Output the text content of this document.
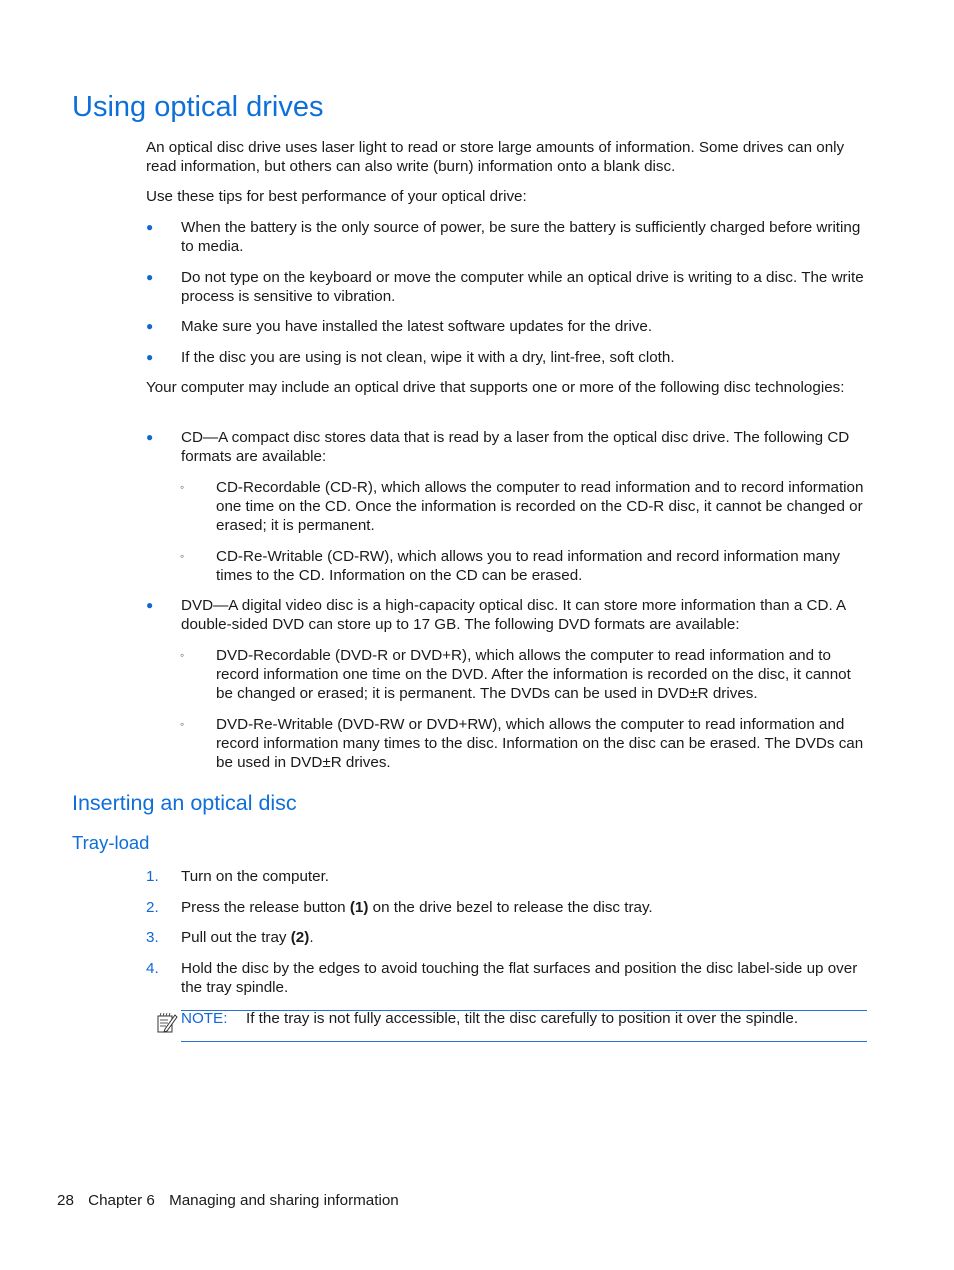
Using optical drives

An optical disc drive uses laser light to read or store large amounts of information. Some drives can only read information, but others can also write (burn) information onto a blank disc.

Use these tips for best performance of your optical drive:

●	When the battery is the only source of power, be sure the battery is sufficiently charged before writing to media.

●	Do not type on the keyboard or move the computer while an optical drive is writing to a disc. The write process is sensitive to vibration.

●	Make sure you have installed the latest software updates for the drive.

●	If the disc you are using is not clean, wipe it with a dry, lint-free, soft cloth.

Your computer may include an optical drive that supports one or more of the following disc technologies:

●	CD—A compact disc stores data that is read by a laser from the optical disc drive. The following CD formats are available:

◦	CD-Recordable (CD-R), which allows the computer to read information and to record information one time on the CD. Once the information is recorded on the CD-R disc, it cannot be changed or erased; it is permanent.

◦	CD-Re-Writable (CD-RW), which allows you to read information and record information many times to the CD. Information on the CD can be erased.

●	DVD—A digital video disc is a high-capacity optical disc. It can store more information than a CD. A double-sided DVD can store up to 17 GB. The following DVD formats are available:

◦	DVD-Recordable (DVD-R or DVD+R), which allows the computer to read information and to record information one time on the DVD. After the information is recorded on the disc, it cannot be changed or erased; it is permanent. The DVDs can be used in DVD±R drives.

◦	DVD-Re-Writable (DVD-RW or DVD+RW), which allows the computer to read information and record information many times to the disc. Information on the disc can be erased. The DVDs can be used in DVD±R drives.

Inserting an optical disc
Tray-load
1. Turn on the computer.

2. Press the release button (1) on the drive bezel to release the disc tray.

3. Pull out the tray (2).

4. Hold the disc by the edges to avoid touching the flat surfaces and position the disc label-side up over the tray spindle.

NOTE: If the tray is not fully accessible, tilt the disc carefully to position it over the spindle.
28 Chapter 6 Managing and sharing information
